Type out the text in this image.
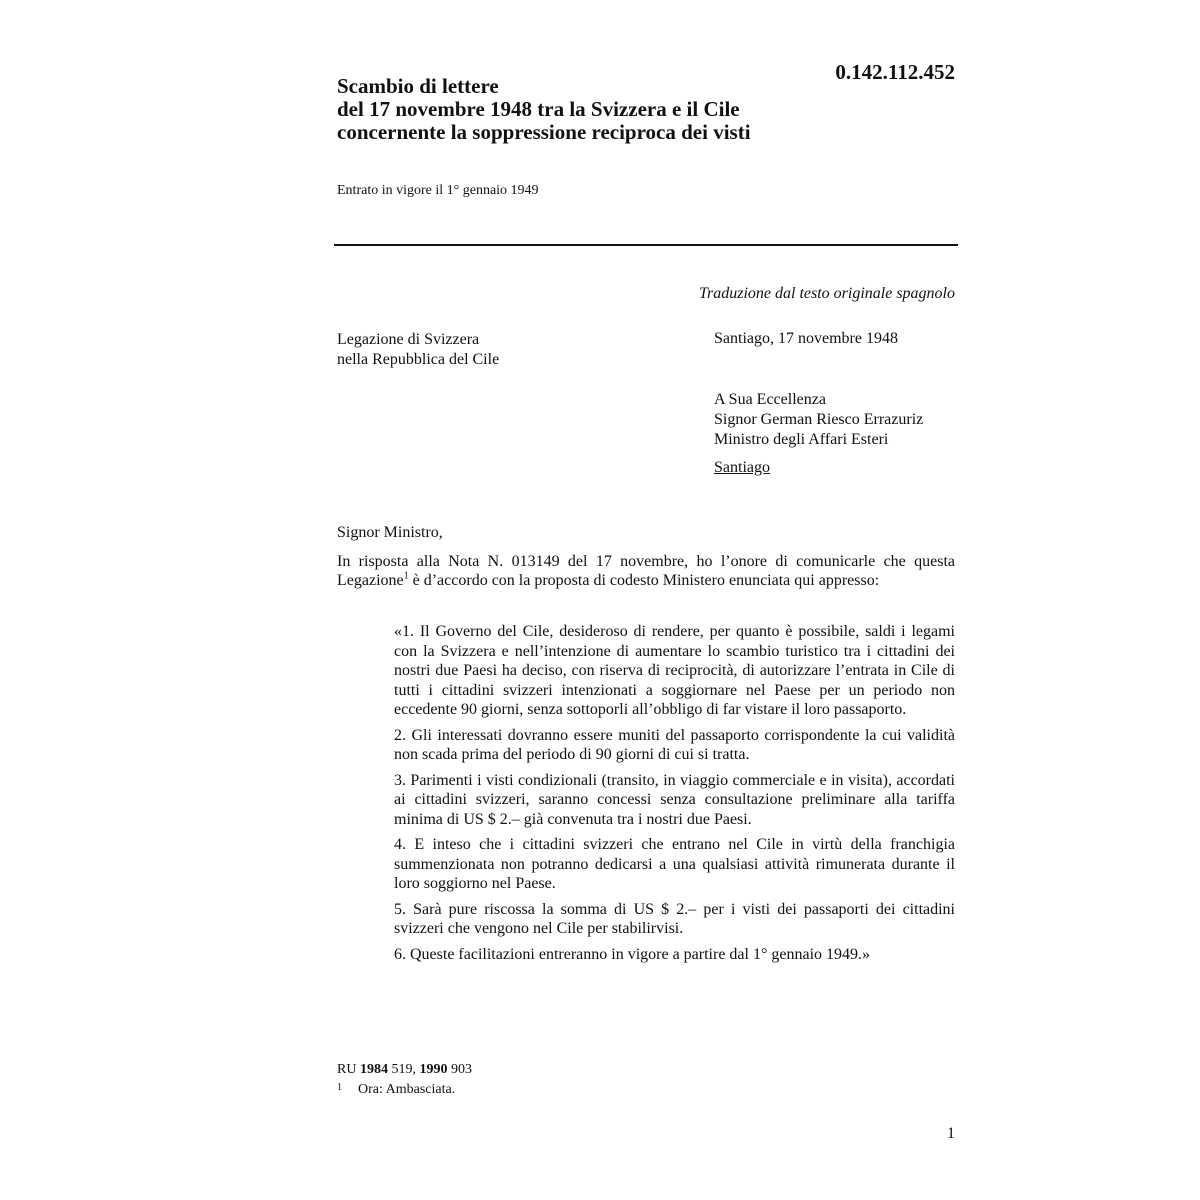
0.142.112.452
Scambio di lettere
del 17 novembre 1948 tra la Svizzera e il Cile
concernente la soppressione reciproca dei visti
Entrato in vigore il 1° gennaio 1949
Traduzione dal testo originale spagnolo
Legazione di Svizzera
nella Repubblica del Cile
Santiago, 17 novembre 1948
A Sua Eccellenza
Signor German Riesco Errazuriz
Ministro degli Affari Esteri
Santiago
Signor Ministro,
In risposta alla Nota N. 013149 del 17 novembre, ho l’onore di comunicarle che questa Legazione$^1$ è d’accordo con la proposta di codesto Ministero enunciata qui appresso:

«1. Il Governo del Cile, desideroso di rendere, per quanto è possibile, saldi i legami con la Svizzera e nell’intenzione di aumentare lo scambio turistico tra i cittadini dei nostri due Paesi ha deciso, con riserva di reciprocità, di autorizzare l’entrata in Cile di tutti i cittadini svizzeri intenzionati a soggiornare nel Paese per un periodo non eccedente 90 giorni, senza sottoporli all’obbligo di far vistare il loro passaporto.

2. Gli interessati dovranno essere muniti del passaporto corrispondente la cui validità non scada prima del periodo di 90 giorni di cui si tratta.

3. Parimenti i visti condizionali (transito, in viaggio commerciale e in visita), accordati ai cittadini svizzeri, saranno concessi senza consultazione preliminare alla tariffa minima di US $ 2.– già convenuta tra i nostri due Paesi.

4. E inteso che i cittadini svizzeri che entrano nel Cile in virtù della franchigia summenzionata non potranno dedicarsi a una qualsiasi attività rimunerata durante il loro soggiorno nel Paese.

5. Sarà pure riscossa la somma di US $ 2.– per i visti dei passaporti dei cittadini svizzeri che vengono nel Cile per stabilirvisi.

6. Queste facilitazioni entreranno in vigore a partire dal 1° gennaio 1949.»

RU 1984 519, 1990 903
$^1$ Ora: Ambasciata.
1
